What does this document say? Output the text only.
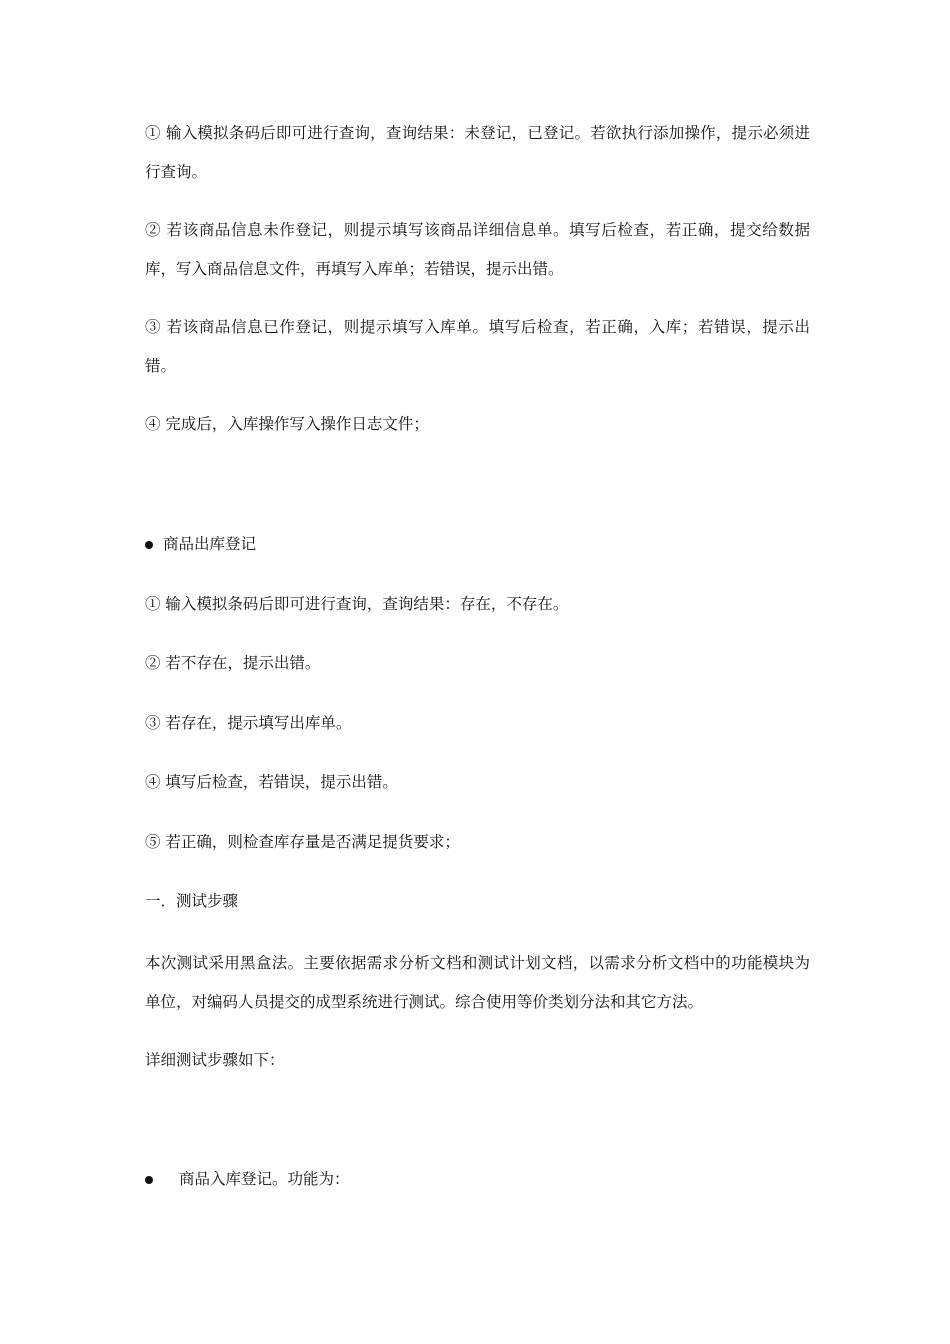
① 输入模拟条码后即可进行查询，查询结果：未登记，已登记。若欲执行添加操作，提示必须进行查询。

② 若该商品信息未作登记，则提示填写该商品详细信息单。填写后检查，若正确，提交给数据库，写入商品信息文件，再填写入库单；若错误，提示出错。

③ 若该商品信息已作登记，则提示填写入库单。填写后检查，若正确，入库；若错误，提示出错。

④ 完成后，入库操作写入操作日志文件；

商品出库登记

① 输入模拟条码后即可进行查询，查询结果：存在，不存在。

② 若不存在，提示出错。

③ 若存在，提示填写出库单。

④ 填写后检查，若错误，提示出错。

⑤ 若正确，则检查库存量是否满足提货要求；

一．测试步骤

本次测试采用黑盒法。主要依据需求分析文档和测试计划文档，以需求分析文档中的功能模块为单位，对编码人员提交的成型系统进行测试。综合使用等价类划分法和其它方法。

详细测试步骤如下：

商品入库登记。功能为：
